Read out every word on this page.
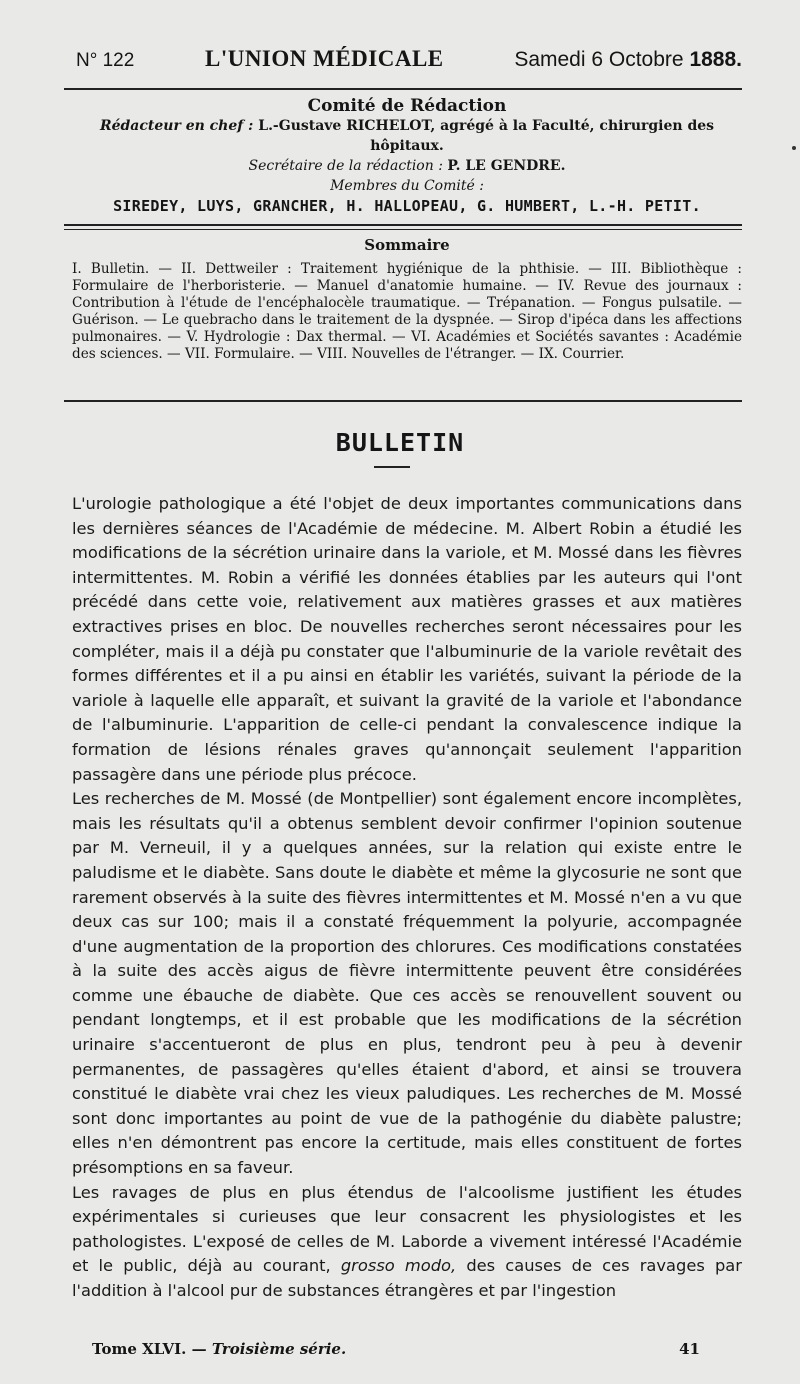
N° 122	L'UNION MÉDICALE	Samedi 6 Octobre 1888.
Comité de Rédaction
Rédacteur en chef : L.-Gustave RICHELOT, agrégé à la Faculté, chirurgien des hôpitaux.
Secrétaire de la rédaction : P. LE GENDRE.
Membres du Comité :
SIREDEY, LUYS, GRANCHER, H. HALLOPEAU, G. HUMBERT, L.-H. PETIT.
Sommaire
I. Bulletin. — II. Dettweiler : Traitement hygiénique de la phthisie. — III. Bibliothèque : Formulaire de l'herboristerie. — Manuel d'anatomie humaine. — IV. Revue des journaux : Contribution à l'étude de l'encéphalocèle traumatique. — Trépanation. — Fongus pulsatile. — Guérison. — Le quebracho dans le traitement de la dyspnée. — Sirop d'ipéca dans les affections pulmonaires. — V. Hydrologie : Dax thermal. — VI. Académies et Sociétés savantes : Académie des sciences. — VII. Formulaire. — VIII. Nouvelles de l'étranger. — IX. Courrier.
BULLETIN

L'urologie pathologique a été l'objet de deux importantes communications dans les dernières séances de l'Académie de médecine. M. Albert Robin a étudié les modifications de la sécrétion urinaire dans la variole, et M. Mossé dans les fièvres intermittentes. M. Robin a vérifié les données établies par les auteurs qui l'ont précédé dans cette voie, relativement aux matières grasses et aux matières extractives prises en bloc. De nouvelles recherches seront nécessaires pour les compléter, mais il a déjà pu constater que l'albuminurie de la variole revêtait des formes différentes et il a pu ainsi en établir les variétés, suivant la période de la variole à laquelle elle apparaît, et suivant la gravité de la variole et l'abondance de l'albuminurie. L'apparition de celle-ci pendant la convalescence indique la formation de lésions rénales graves qu'annonçait seulement l'apparition passagère dans une période plus précoce.

Les recherches de M. Mossé (de Montpellier) sont également encore incomplètes, mais les résultats qu'il a obtenus semblent devoir confirmer l'opinion soutenue par M. Verneuil, il y a quelques années, sur la relation qui existe entre le paludisme et le diabète. Sans doute le diabète et même la glycosurie ne sont que rarement observés à la suite des fièvres intermittentes et M. Mossé n'en a vu que deux cas sur 100; mais il a constaté fréquemment la polyurie, accompagnée d'une augmentation de la proportion des chlorures. Ces modifications constatées à la suite des accès aigus de fièvre intermittente peuvent être considérées comme une ébauche de diabète. Que ces accès se renouvellent souvent ou pendant longtemps, et il est probable que les modifications de la sécrétion urinaire s'accentueront de plus en plus, tendront peu à peu à devenir permanentes, de passagères qu'elles étaient d'abord, et ainsi se trouvera constitué le diabète vrai chez les vieux paludiques. Les recherches de M. Mossé sont donc importantes au point de vue de la pathogénie du diabète palustre; elles n'en démontrent pas encore la certitude, mais elles constituent de fortes présomptions en sa faveur.

Les ravages de plus en plus étendus de l'alcoolisme justifient les études expérimentales si curieuses que leur consacrent les physiologistes et les pathologistes. L'exposé de celles de M. Laborde a vivement intéressé l'Académie et le public, déjà au courant, grosso modo, des causes de ces ravages par l'addition à l'alcool pur de substances étrangères et par l'ingestion

Tome XLVI. — Troisième série.	41
